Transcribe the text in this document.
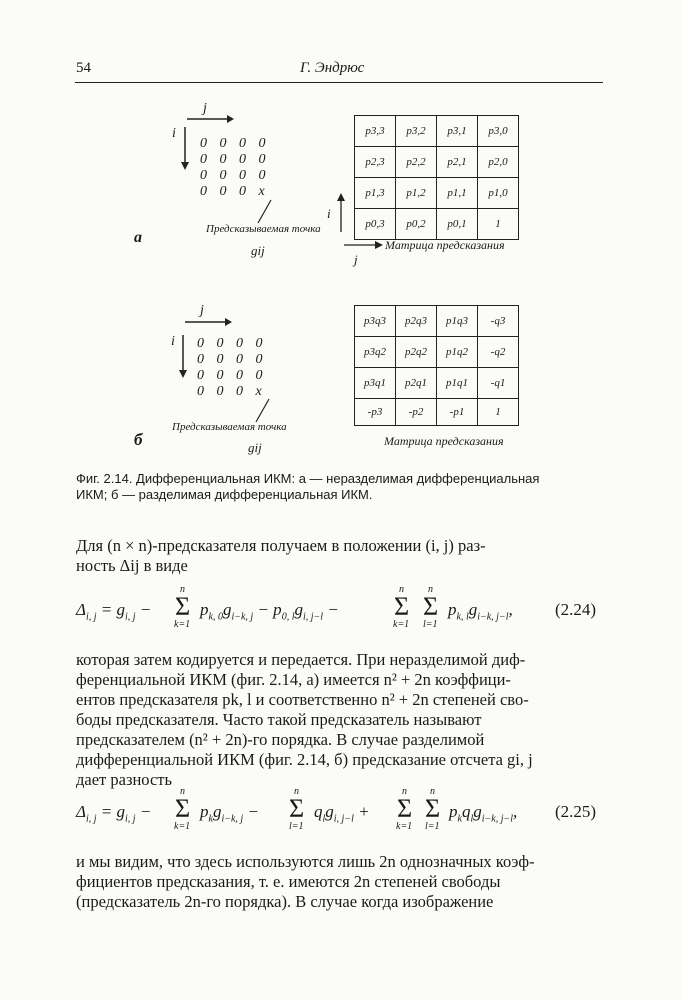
54	Г. Эндрюс
j
i
0 0 0 0
0 0 0 0
0 0 0 0
0 0 0 x
Предсказываемая точка
gij
а
p3,3	p3,2	p3,1	p3,0
p2,3	p2,2	p2,1	p2,0
p1,3	p1,2	p1,1	p1,0
p0,3	p0,2	p0,1	1
i
j
Матрица предсказания
j
i 0 0 0 0
0 0 0 0
0 0 0 0
0 0 0 x
Предсказываемая точка
gij
б
p3q3	p2q3	p1q3	-q3
p3q2	p2q2	p1q2	-q2
p3q1	p2q1	p1q1	-q1
-p3	-p2	-p1	1
Матрица предсказания
Фиг. 2.14. Дифференциальная ИКМ: а — неразделимая дифференциальная
ИКМ; б — разделимая дифференциальная ИКМ.
Для (n × n)-предсказателя получаем в положении (i, j) раз-
ность Δij в виде
$\Delta_{i, j} = g_{i, j}$ −
n
Σ
k=1
$p_{k, 0}g_{i-k, j} - p_{0, l}g_{i, j-l}$ −
n
Σ
k=1
n
Σ
l=1
$p_{k, l}g_{i-k, j-l}$, (2.24)
которая затем кодируется и передается. При неразделимой диф-
ференциальной ИКМ (фиг. 2.14, а) имеется n² + 2n коэффици-
ентов предсказателя pk, l и соответственно n² + 2n степеней сво-
боды предсказателя. Часто такой предсказатель называют
предсказателем (n² + 2n)-го порядка. В случае разделимой
дифференциальной ИКМ (фиг. 2.14, б) предсказание отсчета gi, j
дает разность
$\Delta_{i, j} = g_{i, j}$ −
n
Σ
k=1
$p_kg_{i-k, j}$ −
n
Σ
l=1
$q_lg_{i, j-l}$ +
n
Σ
k=1
n
Σ
l=1
$p_kq_lg_{i-k, j-l}$, (2.25)
и мы видим, что здесь используются лишь 2n однозначных коэф-
фициентов предсказания, т. е. имеются 2n степеней свободы
(предсказатель 2n-го порядка). В случае когда изображение
